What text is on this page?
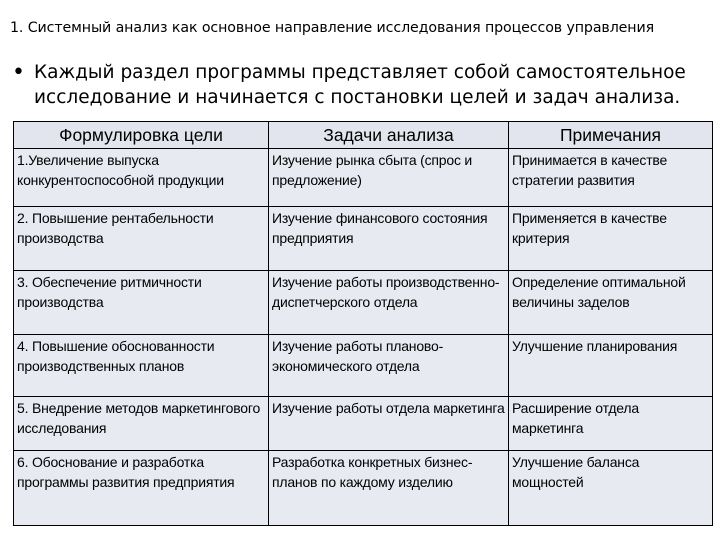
1. Системный анализ как основное направление исследования процессов управления
• Каждый раздел программы представляет собой самостоятельное исследование и начинается с постановки целей и задач анализа.
Формулировка цели	Задачи анализа	Примечания
1.Увеличение выпуска конкурентоспособной продукции	Изучение рынка сбыта (спрос и предложение)	Принимается в качестве стратегии развития
2. Повышение рентабельности производства	Изучение финансового состояния предприятия	Применяется в качестве критерия
3. Обеспечение ритмичности производства	Изучение работы производственно-диспетчерского отдела	Определение оптимальной величины заделов
4. Повышение обоснованности производственных планов	Изучение работы планово-экономического отдела	Улучшение планирования
5. Внедрение методов маркетингового исследования	Изучение работы отдела маркетинга	Расширение отдела маркетинга
6. Обоснование и разработка программы развития предприятия	Разработка конкретных бизнес-планов по каждому изделию	Улучшение баланса мощностей
